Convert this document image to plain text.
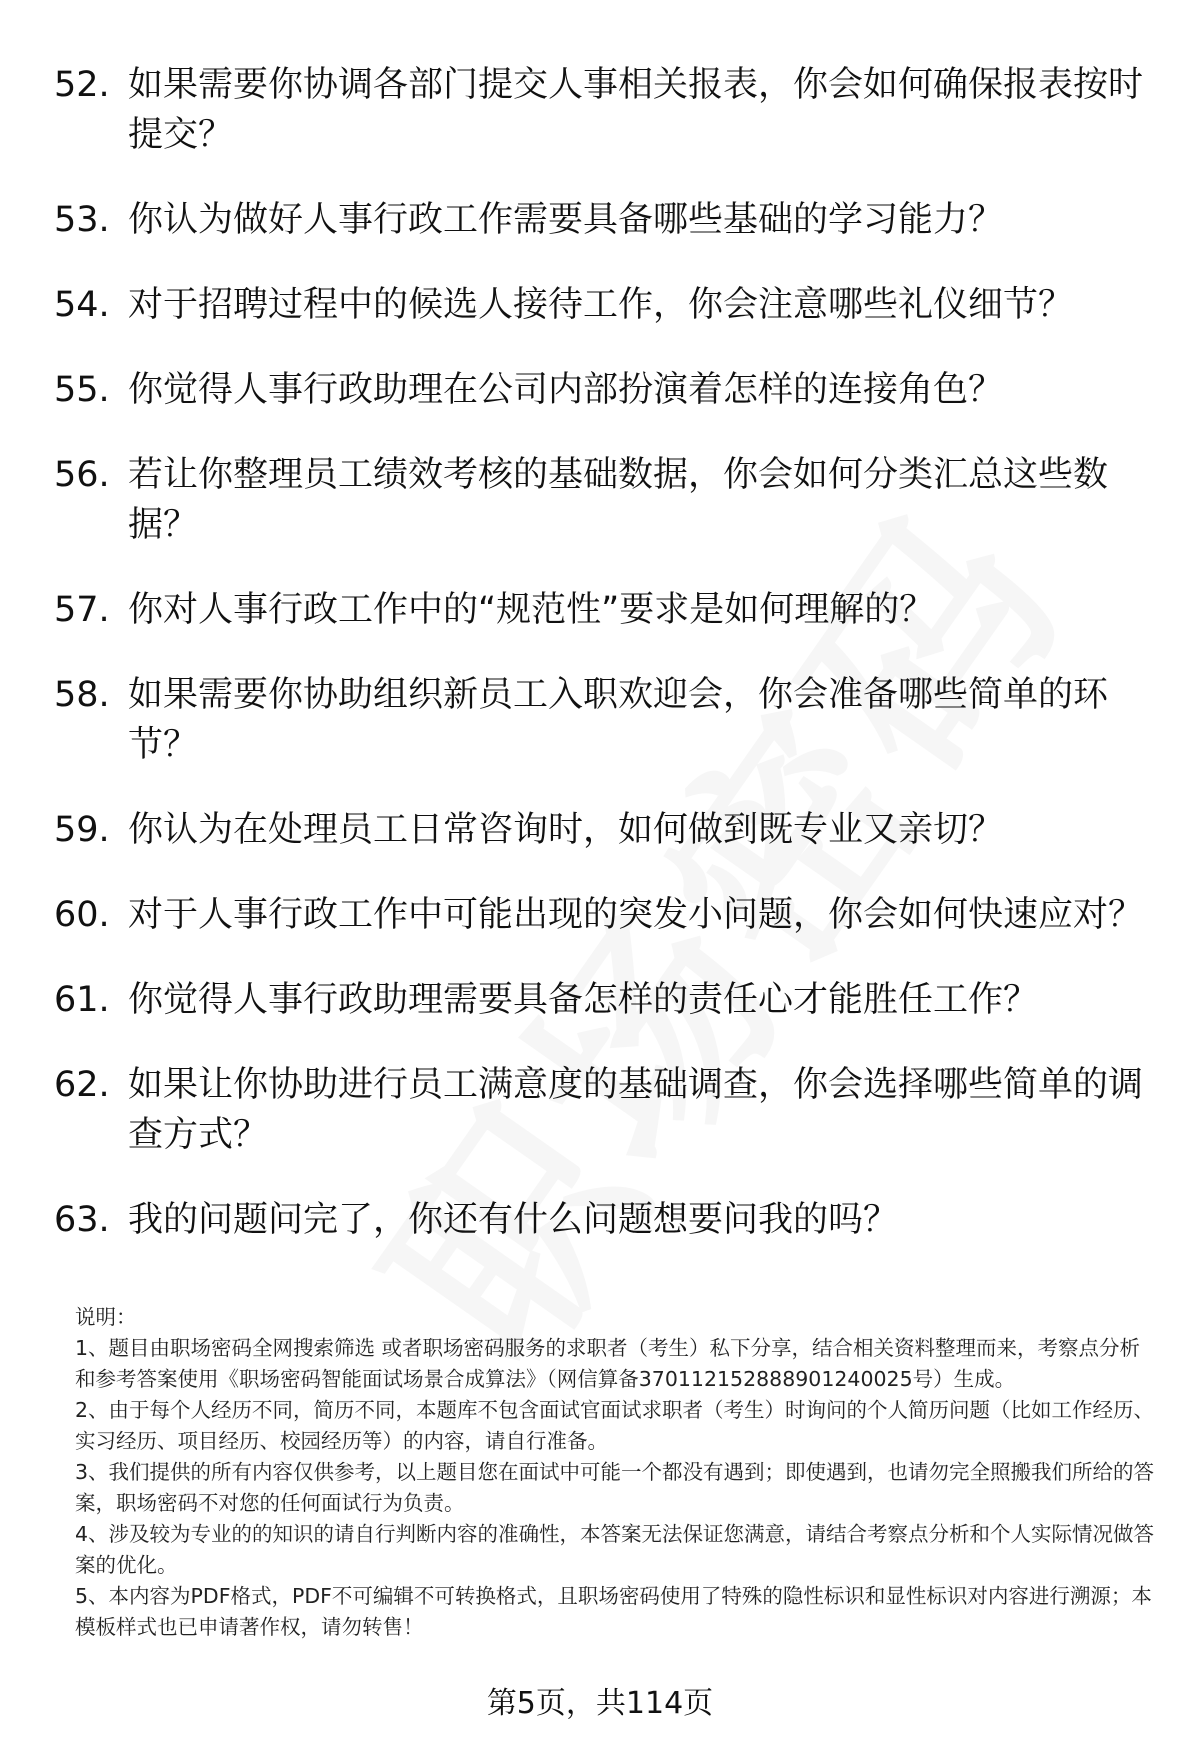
52. 如果需要你协调各部门提交人事相关报表，你会如何确保报表按时提交？
53. 你认为做好人事行政工作需要具备哪些基础的学习能力？
54. 对于招聘过程中的候选人接待工作，你会注意哪些礼仪细节？
55. 你觉得人事行政助理在公司内部扮演着怎样的连接角色？
56. 若让你整理员工绩效考核的基础数据，你会如何分类汇总这些数据？
57. 你对人事行政工作中的“规范性”要求是如何理解的？
58. 如果需要你协助组织新员工入职欢迎会，你会准备哪些简单的环节？
59. 你认为在处理员工日常咨询时，如何做到既专业又亲切？
60. 对于人事行政工作中可能出现的突发小问题，你会如何快速应对？
61. 你觉得人事行政助理需要具备怎样的责任心才能胜任工作？
62. 如果让你协助进行员工满意度的基础调查，你会选择哪些简单的调查方式？
63. 我的问题问完了，你还有什么问题想要问我的吗？

说明：

1、题目由职场密码全网搜索筛选 或者职场密码服务的求职者（考生）私下分享，结合相关资料整理而来，考察点分析和参考答案使用《职场密码智能面试场景合成算法》（网信算备370112152888901240025号）生成。

2、由于每个人经历不同，简历不同，本题库不包含面试官面试求职者（考生）时询问的个人简历问题（比如工作经历、实习经历、项目经历、校园经历等）的内容，请自行准备。

3、我们提供的所有内容仅供参考，以上题目您在面试中可能一个都没有遇到；即使遇到，也请勿完全照搬我们所给的答案，职场密码不对您的任何面试行为负责。

4、涉及较为专业的的知识的请自行判断内容的准确性，本答案无法保证您满意，请结合考察点分析和个人实际情况做答案的优化。

5、本内容为PDF格式，PDF不可编辑不可转换格式，且职场密码使用了特殊的隐性标识和显性标识对内容进行溯源；本模板样式也已申请著作权，请勿转售！

第5页，共114页
